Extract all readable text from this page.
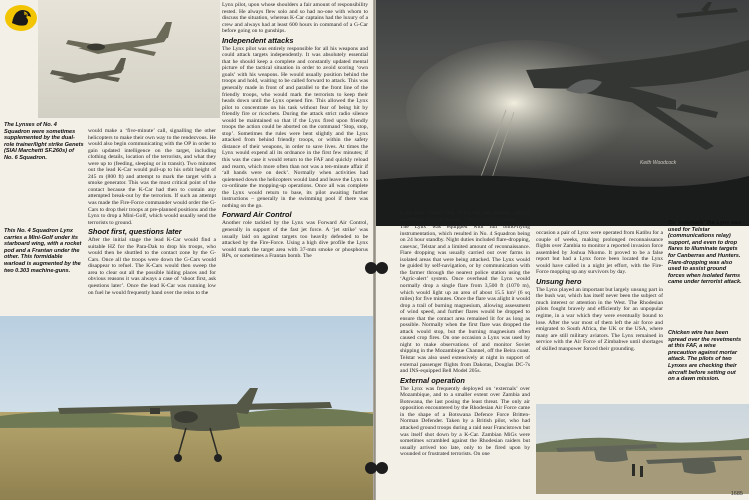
The Lynxes of No. 4 Squadron were sometimes supplemented by the dual-role trainer/light strike Genets (SIAI Marchetti SF.260s) of No. 6 Squadron.
This No. 4 Squadron Lynx carries a Mini-Golf under its starboard wing, with a rocket pod and a Frantan under the other. This formidable warload is augmented by the two 0.303 machine-guns.

would make a ‘five-minute’ call, signalling the other helicopters to make their own way to the rendezvous. He would also begin communicating with the OP in order to gain updated intelligence on the target, including clothing details, location of the terrorists, and what they were up to (feeding, sleeping or in transit). Two minutes out the lead K-Car would pull-up to his orbit height of 245 m (800 ft) and attempt to mark the target with a smoke generator. This was the most critical point of the contact because the K-Car had then to contain any attempted break-out by the terrorists. If such an attempt was made the Fire-Force commander would order the G-Cars to drop their troops at pre-planned positions and the Lynx to drop a Mini-Golf, which would usually send the terrorists to ground.

Shoot first, questions later

After the initial stage the lead K-Car would find a suitable HZ for the Para-Dak to drop his troops, who would then be shuttled to the contact zone by the G-Cars. Once all the troops were down the G-Cars would disappear to refuel. The K-Cars would then sweep the area to clear out all the possible hiding places and for obvious reasons it was always a case of ‘shoot first, ask questions later’. Once the lead K-Car was running low on fuel he would frequently hand over the reins to the

Lynx pilot, upon whose shoulders a fair amount of responsibility rested. He always flew solo and so had no-one with whom to discuss the situation, whereas K-Car captains had the luxury of a crew and always had at least 600 hours in command of a G-Car before going on to gunships.

Independent attacks

The Lynx pilot was entirely responsible for all his weapons and could attack targets independently. It was absolutely essential that he should keep a complete and constantly updated mental picture of the tactical situation in order to avoid scoring ‘own goals’ with his weapons. He would usually position behind the troops and hold, waiting to be called forward to attack. This was generally made in front of and parallel to the front line of the friendly troops, who would mark the terrorists to keep their heads down until the Lynx opened fire. This allowed the Lynx pilot to concentrate on his task without fear of being hit by friendly fire or ricochets. During the attack strict radio silence would be maintained so that if the Lynx fired upon friendly troops the action could be aborted on the command ‘Stop, stop, stop’. Sometimes the rules were bent slightly and the Lynx attacked from behind friendly troops, or within the safety distance of their weapons, in order to save lives. At times the Lynx would expend all its ordnance in the first few minutes; if this was the case it would return to the FAF and quickly reload and rearm, which more often than not was a ten-minute affair if ‘all hands were on deck’. Normally when activities had quietened down the helicopters would land and leave the Lynx to co-ordinate the mopping-up operations. Once all was complete the Lynx would return to base, its pilot awaiting further instructions – generally in the swimming pool if there was nothing on the go.

Forward Air Control

Another role tackled by the Lynx was Forward Air Control, generally in support of the fast jet force. A ‘jet strike’ was usually laid on against targets too heavily defended to be attacked by the Fire-Force. Using a high dive profile the Lynx would mark the target area with 37-mm smoke or phosphorus RPs, or sometimes a Frantan bomb. The

Keith Woodcock

Lynx pilot would then direct the jets attacks, usually controlling pairs of Hunters, Vampires or Canberras.

The Lynx was equipped with full blind-flying instrumentation, which resulted in No. 4 Squadron being on 24 hour standby. Night duties included flare-dropping, casevac, Telstar and a limited amount of reconnaissance. Flare dropping was usually carried out over farms in isolated areas that were being attacked. The Lynx would be guided by self-navigation, or by communication with the farmer through the nearest police station using the ‘Agric-alert’ system. Once overhead the Lynx would normally drop a single flare from 3,500 ft (1070 m), which would light up an area of about 15.5 km² (6 sq miles) for five minutes. Once the flare was alight it would drop a trail of burning magnesium, allowing assessment of wind speed, and further flares would be dropped to ensure that the contact area remained lit for as long as possible. Normally when the first flare was dropped the attack would stop, but the burning magnesium often caused crop fires. On one occasion a Lynx was used by night to make observations of and monitor Soviet shipping in the Mozambique Channel, off the Beira coast. Telstar was also used extensively at night in support of external passenger flights from Dakotas, Douglas DC-7s and INS-equipped Bell Model 205s.

External operation

The Lynx was frequently deployed on ‘externals’ over Mozambique, and to a smaller extent over Zambia and Botswana, the last posing the least threat. The only air opposition encountered by the Rhodesian Air Force came in the shape of a Botswana Defence Force Britten-Norman Defender. Taken by a British pilot, who had attacked ground troops during a raid near Francistown but was itself shot down by a K-Car. Zambian MiGs were sometimes scrambled against the Rhodesian raiders but usually arrived too late, only to be fired upon by wounded or frustrated terrorists. On one

occasion a pair of Lynx were operated from Katibu for a couple of weeks, making prolonged reconnaissance flights over Zambia to monitor a reported invasion force assembled by Joshua Nkomo. It proved to be a false report but had a Lynx force been located the Lynx would have called in a night jet effort, with the Fire-Force mopping up any survivors by day.

Unsung hero

The Lynx played an important but largely unsung part in the bush war, which has itself never been the subject of much interest or attention in the West. The Rhodesian pilots fought bravely and efficiently for an unpopular regime, in a war which they were eventually bound to lose. After the war most of them left the air force and emigrated to South Africa, the UK or the USA, where many are still military aviators. The Lynx remained in service with the Air Force of Zimbabwe until shortages of skilled manpower forced their grounding.

On ‘externals’ the Lynx was used for Telstar (communications relay) support, and even to drop flares to illuminate targets for Canberras and Hunters. Flare-dropping was also used to assist ground forces when isolated farms came under terrorist attack.
Chicken wire has been spread over the revetments at this FAF, a wise precaution against mortar attack. The pilots of two Lynxes are checking their aircraft before setting out on a dawn mission.
1685
